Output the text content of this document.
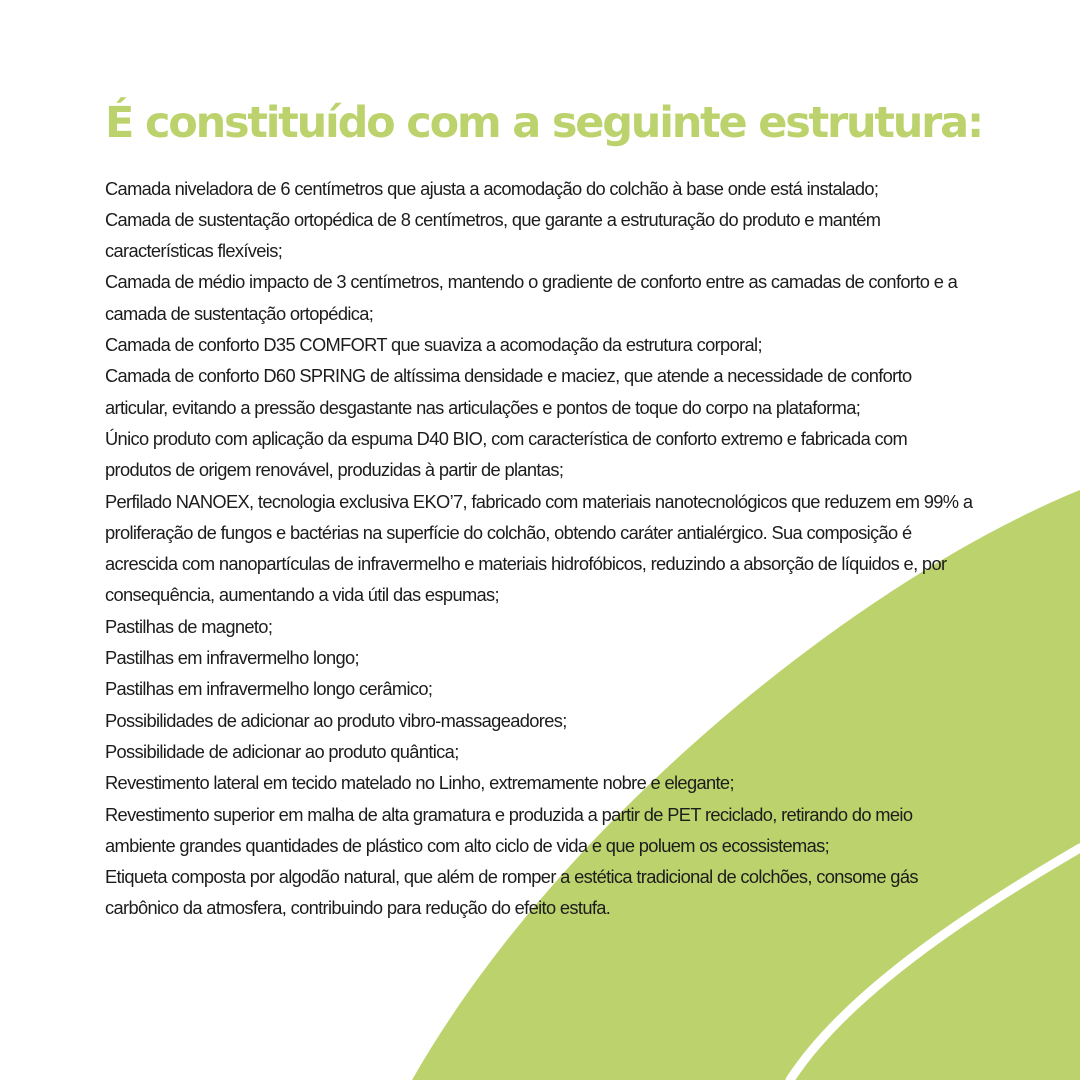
É constituído com a seguinte estrutura:
Camada niveladora de 6 centímetros que ajusta a acomodação do colchão à base onde está instalado;
Camada de sustentação ortopédica de 8 centímetros, que garante a estruturação do produto e mantém características flexíveis;
Camada de médio impacto de 3 centímetros, mantendo o gradiente de conforto entre as camadas de conforto e a camada de sustentação ortopédica;
Camada de conforto D35 COMFORT que suaviza a acomodação da estrutura corporal;
Camada de conforto D60 SPRING de altíssima densidade e maciez, que atende a necessidade de conforto articular, evitando a pressão desgastante nas articulações e pontos de toque do corpo na plataforma;
Único produto com aplicação da espuma D40 BIO, com característica de conforto extremo e fabricada com produtos de origem renovável, produzidas à partir de plantas;
Perfilado NANOEX, tecnologia exclusiva EKO’7, fabricado com materiais nanotecnológicos que reduzem em 99% a proliferação de fungos e bactérias na superfície do colchão, obtendo caráter antialérgico. Sua composição é acrescida com nanopartículas de infravermelho e materiais hidrofóbicos, reduzindo a absorção de líquidos e, por consequência, aumentando a vida útil das espumas;
Pastilhas de magneto;
Pastilhas em infravermelho longo;
Pastilhas em infravermelho longo cerâmico;
Possibilidades de adicionar ao produto vibro-massageadores;
Possibilidade de adicionar ao produto quântica;
Revestimento lateral em tecido matelado no Linho, extremamente nobre e elegante;
Revestimento superior em malha de alta gramatura e produzida a partir de PET reciclado, retirando do meio ambiente grandes quantidades de plástico com alto ciclo de vida e que poluem os ecossistemas;
Etiqueta composta por algodão natural, que além de romper a estética tradicional de colchões, consome gás carbônico da atmosfera, contribuindo para redução do efeito estufa.
